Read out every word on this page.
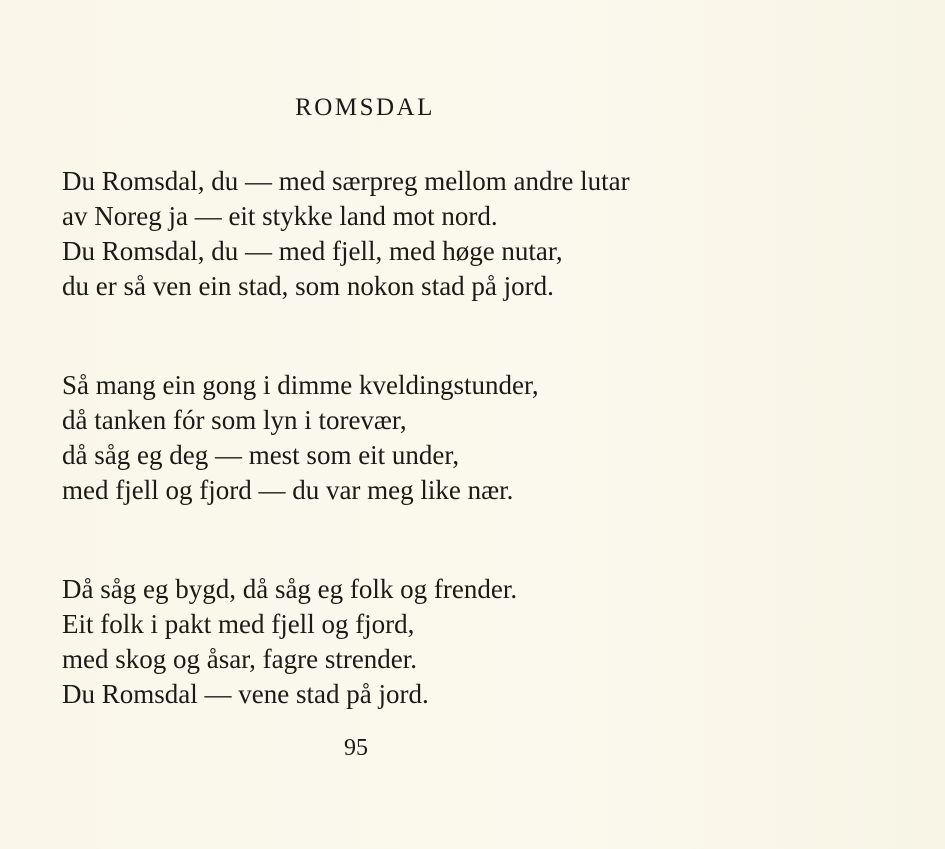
ROMSDAL
Du Romsdal, du — med særpreg mellom andre lutar
av Noreg ja — eit stykke land mot nord.
Du Romsdal, du — med fjell, med høge nutar,
du er så ven ein stad, som nokon stad på jord.
Så mang ein gong i dimme kveldingstunder,
då tanken fór som lyn i torevær,
då såg eg deg — mest som eit under,
med fjell og fjord — du var meg like nær.
Då såg eg bygd, då såg eg folk og frender.
Eit folk i pakt med fjell og fjord,
med skog og åsar, fagre strender.
Du Romsdal — vene stad på jord.
95
